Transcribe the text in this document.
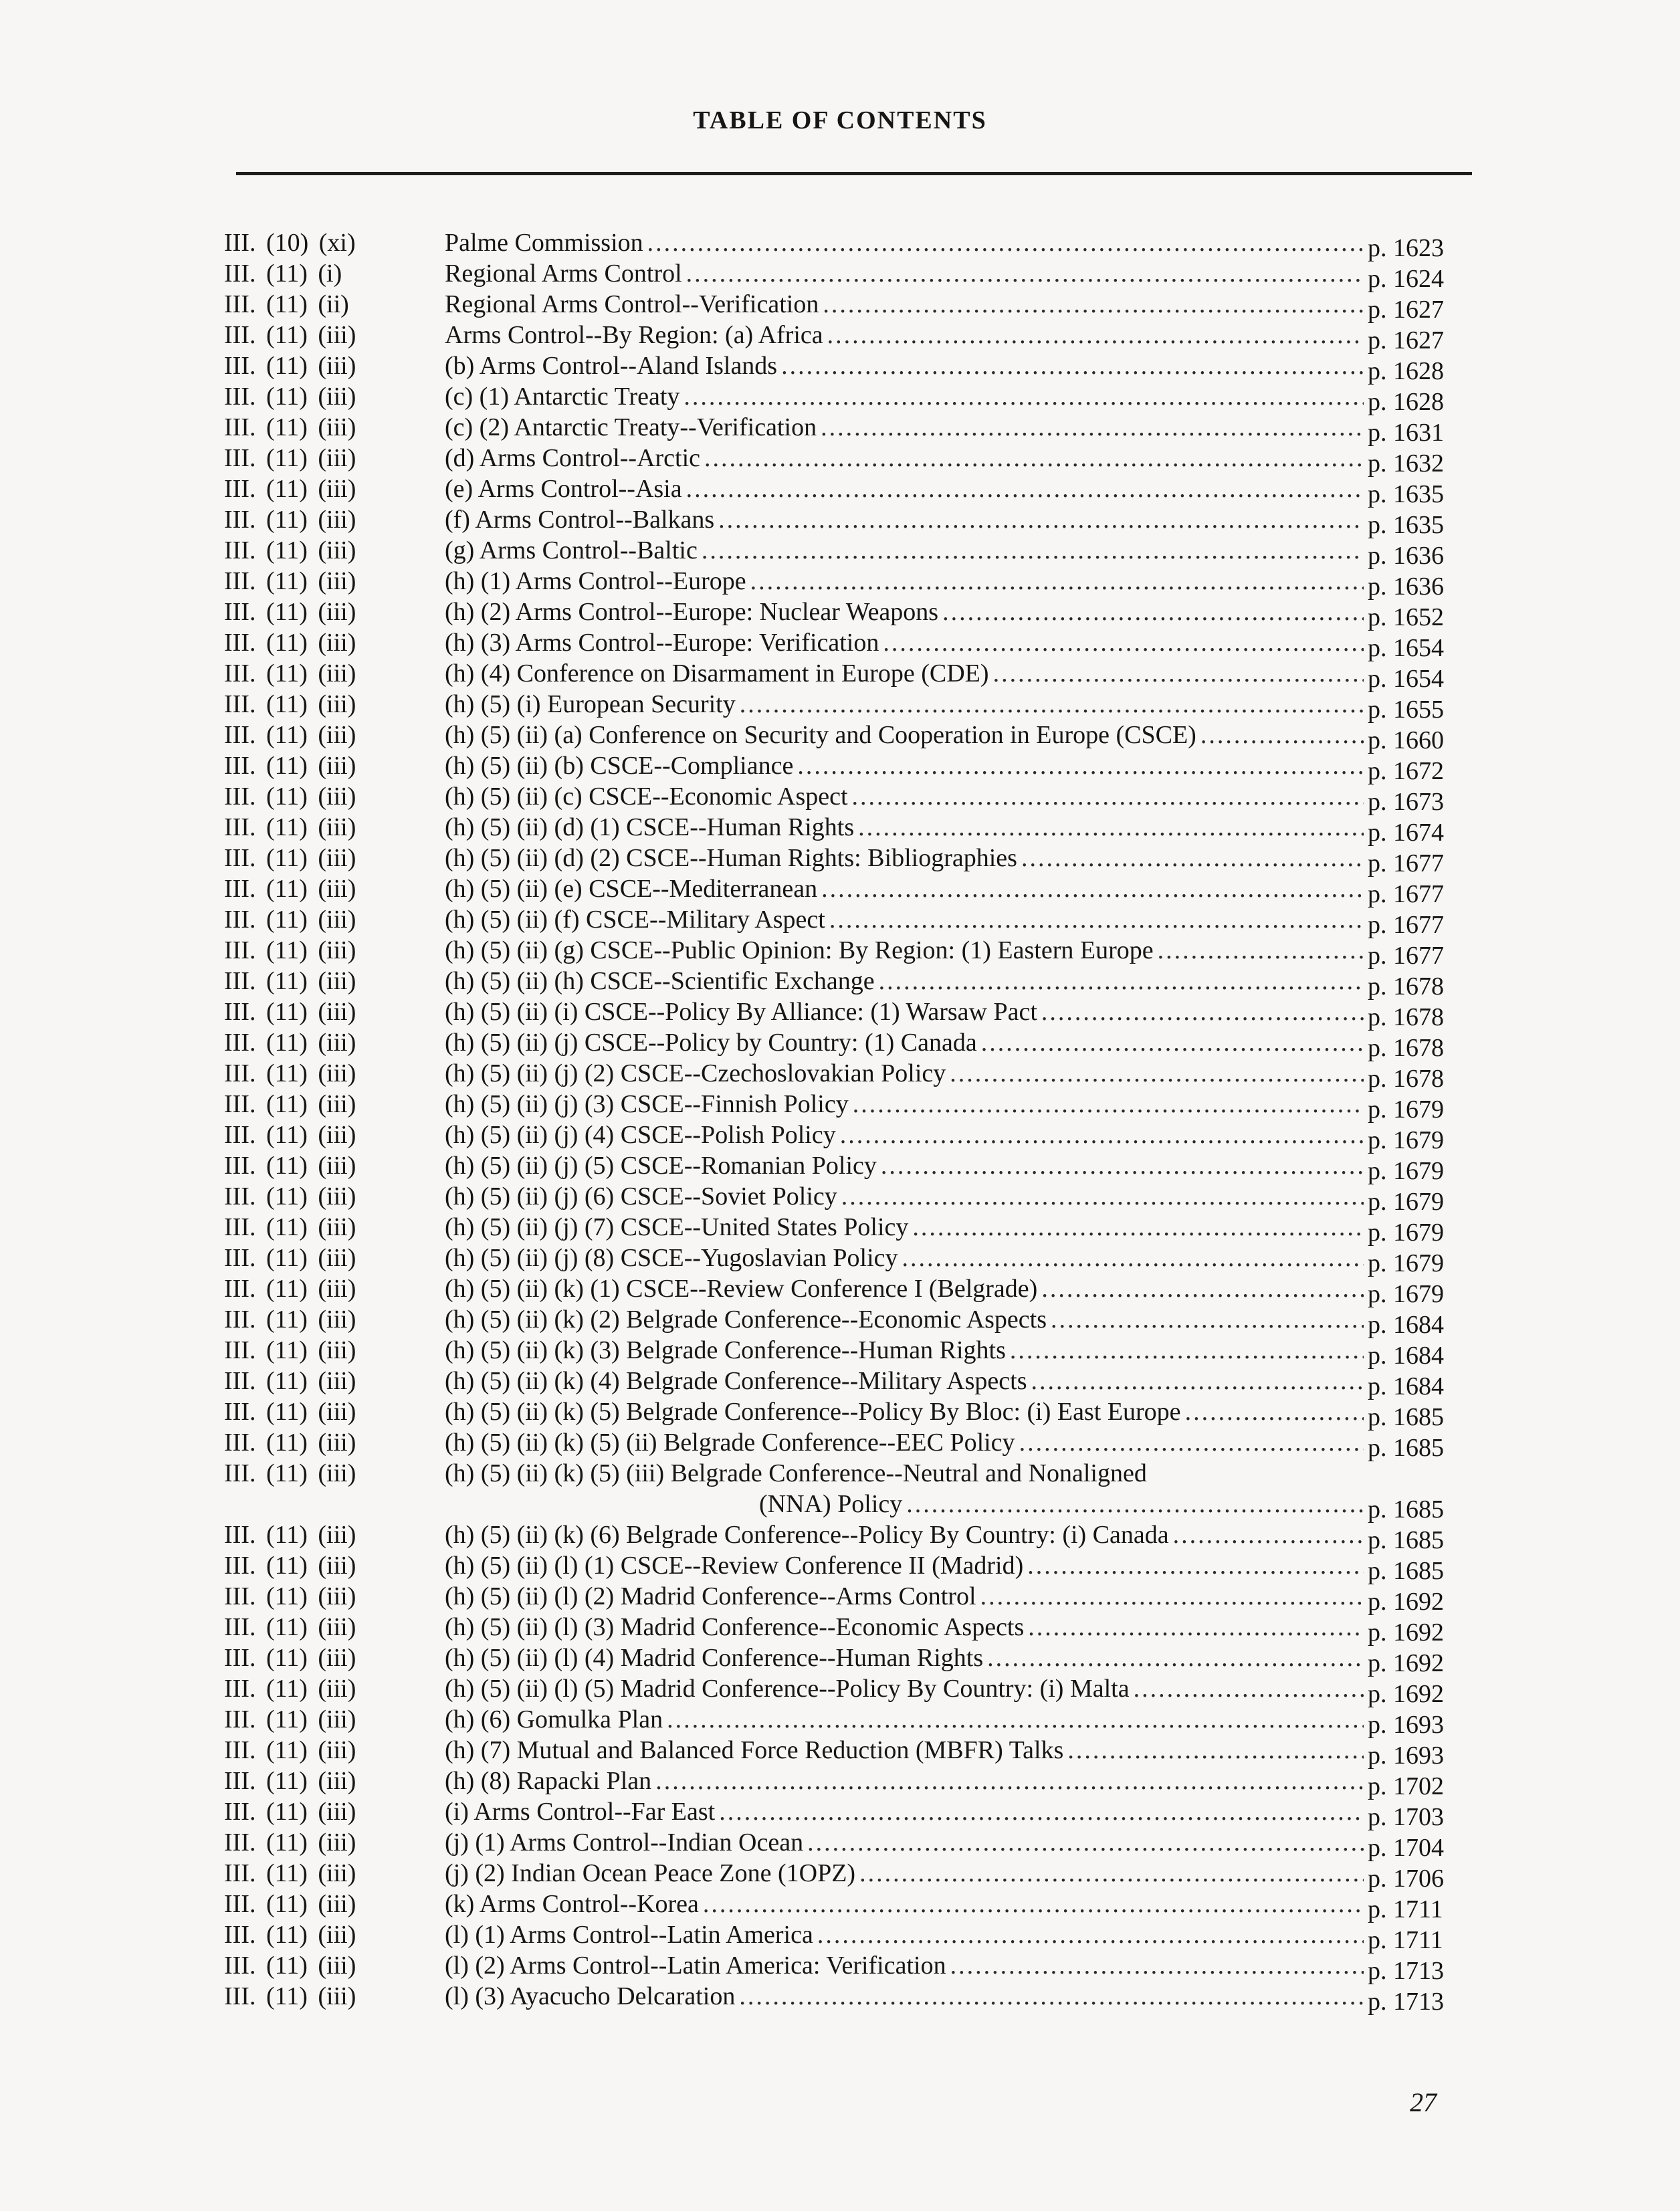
TABLE OF CONTENTS
III. (10) (xi)	Palme Commission .....	p. 1623
III. (11) (i)	Regional Arms Control .....	p. 1624
III. (11) (ii)	Regional Arms Control--Verification .....	p. 1627
III. (11) (iii)	Arms Control--By Region: (a) Africa .....	p. 1627
III. (11) (iii)	(b) Arms Control--Aland Islands .....	p. 1628
III. (11) (iii)	(c) (1) Antarctic Treaty .....	p. 1628
III. (11) (iii)	(c) (2) Antarctic Treaty--Verification .....	p. 1631
III. (11) (iii)	(d) Arms Control--Arctic .....	p. 1632
III. (11) (iii)	(e) Arms Control--Asia .....	p. 1635
III. (11) (iii)	(f) Arms Control--Balkans .....	p. 1635
III. (11) (iii)	(g) Arms Control--Baltic .....	p. 1636
III. (11) (iii)	(h) (1) Arms Control--Europe .....	p. 1636
III. (11) (iii)	(h) (2) Arms Control--Europe: Nuclear Weapons .....	p. 1652
III. (11) (iii)	(h) (3) Arms Control--Europe: Verification .....	p. 1654
III. (11) (iii)	(h) (4) Conference on Disarmament in Europe (CDE) .....	p. 1654
III. (11) (iii)	(h) (5) (i) European Security .....	p. 1655
III. (11) (iii)	(h) (5) (ii) (a) Conference on Security and Cooperation in Europe (CSCE) .....	p. 1660
III. (11) (iii)	(h) (5) (ii) (b) CSCE--Compliance .....	p. 1672
III. (11) (iii)	(h) (5) (ii) (c) CSCE--Economic Aspect .....	p. 1673
III. (11) (iii)	(h) (5) (ii) (d) (1) CSCE--Human Rights .....	p. 1674
III. (11) (iii)	(h) (5) (ii) (d) (2) CSCE--Human Rights: Bibliographies .....	p. 1677
III. (11) (iii)	(h) (5) (ii) (e) CSCE--Mediterranean .....	p. 1677
III. (11) (iii)	(h) (5) (ii) (f) CSCE--Military Aspect .....	p. 1677
III. (11) (iii)	(h) (5) (ii) (g) CSCE--Public Opinion: By Region: (1) Eastern Europe .....	p. 1677
III. (11) (iii)	(h) (5) (ii) (h) CSCE--Scientific Exchange .....	p. 1678
III. (11) (iii)	(h) (5) (ii) (i) CSCE--Policy By Alliance: (1) Warsaw Pact .....	p. 1678
III. (11) (iii)	(h) (5) (ii) (j) CSCE--Policy by Country: (1) Canada .....	p. 1678
III. (11) (iii)	(h) (5) (ii) (j) (2) CSCE--Czechoslovakian Policy .....	p. 1678
III. (11) (iii)	(h) (5) (ii) (j) (3) CSCE--Finnish Policy .....	p. 1679
III. (11) (iii)	(h) (5) (ii) (j) (4) CSCE--Polish Policy .....	p. 1679
III. (11) (iii)	(h) (5) (ii) (j) (5) CSCE--Romanian Policy .....	p. 1679
III. (11) (iii)	(h) (5) (ii) (j) (6) CSCE--Soviet Policy .....	p. 1679
III. (11) (iii)	(h) (5) (ii) (j) (7) CSCE--United States Policy .....	p. 1679
III. (11) (iii)	(h) (5) (ii) (j) (8) CSCE--Yugoslavian Policy .....	p. 1679
III. (11) (iii)	(h) (5) (ii) (k) (1) CSCE--Review Conference I (Belgrade) .....	p. 1679
III. (11) (iii)	(h) (5) (ii) (k) (2) Belgrade Conference--Economic Aspects .....	p. 1684
III. (11) (iii)	(h) (5) (ii) (k) (3) Belgrade Conference--Human Rights .....	p. 1684
III. (11) (iii)	(h) (5) (ii) (k) (4) Belgrade Conference--Military Aspects .....	p. 1684
III. (11) (iii)	(h) (5) (ii) (k) (5) Belgrade Conference--Policy By Bloc: (i) East Europe .....	p. 1685
III. (11) (iii)	(h) (5) (ii) (k) (5) (ii) Belgrade Conference--EEC Policy .....	p. 1685
III. (11) (iii)	(h) (5) (ii) (k) (5) (iii) Belgrade Conference--Neutral and Nonaligned
(NNA) Policy .....	p. 1685
III. (11) (iii)	(h) (5) (ii) (k) (6) Belgrade Conference--Policy By Country: (i) Canada .....	p. 1685
III. (11) (iii)	(h) (5) (ii) (l) (1) CSCE--Review Conference II (Madrid) .....	p. 1685
III. (11) (iii)	(h) (5) (ii) (l) (2) Madrid Conference--Arms Control .....	p. 1692
III. (11) (iii)	(h) (5) (ii) (l) (3) Madrid Conference--Economic Aspects .....	p. 1692
III. (11) (iii)	(h) (5) (ii) (l) (4) Madrid Conference--Human Rights .....	p. 1692
III. (11) (iii)	(h) (5) (ii) (l) (5) Madrid Conference--Policy By Country: (i) Malta .....	p. 1692
III. (11) (iii)	(h) (6) Gomulka Plan .....	p. 1693
III. (11) (iii)	(h) (7) Mutual and Balanced Force Reduction (MBFR) Talks .....	p. 1693
III. (11) (iii)	(h) (8) Rapacki Plan .....	p. 1702
III. (11) (iii)	(i) Arms Control--Far East .....	p. 1703
III. (11) (iii)	(j) (1) Arms Control--Indian Ocean .....	p. 1704
III. (11) (iii)	(j) (2) Indian Ocean Peace Zone (1OPZ) .....	p. 1706
III. (11) (iii)	(k) Arms Control--Korea .....	p. 1711
III. (11) (iii)	(l) (1) Arms Control--Latin America .....	p. 1711
III. (11) (iii)	(l) (2) Arms Control--Latin America: Verification .....	p. 1713
III. (11) (iii)	(l) (3) Ayacucho Delcaration .....	p. 1713
27
